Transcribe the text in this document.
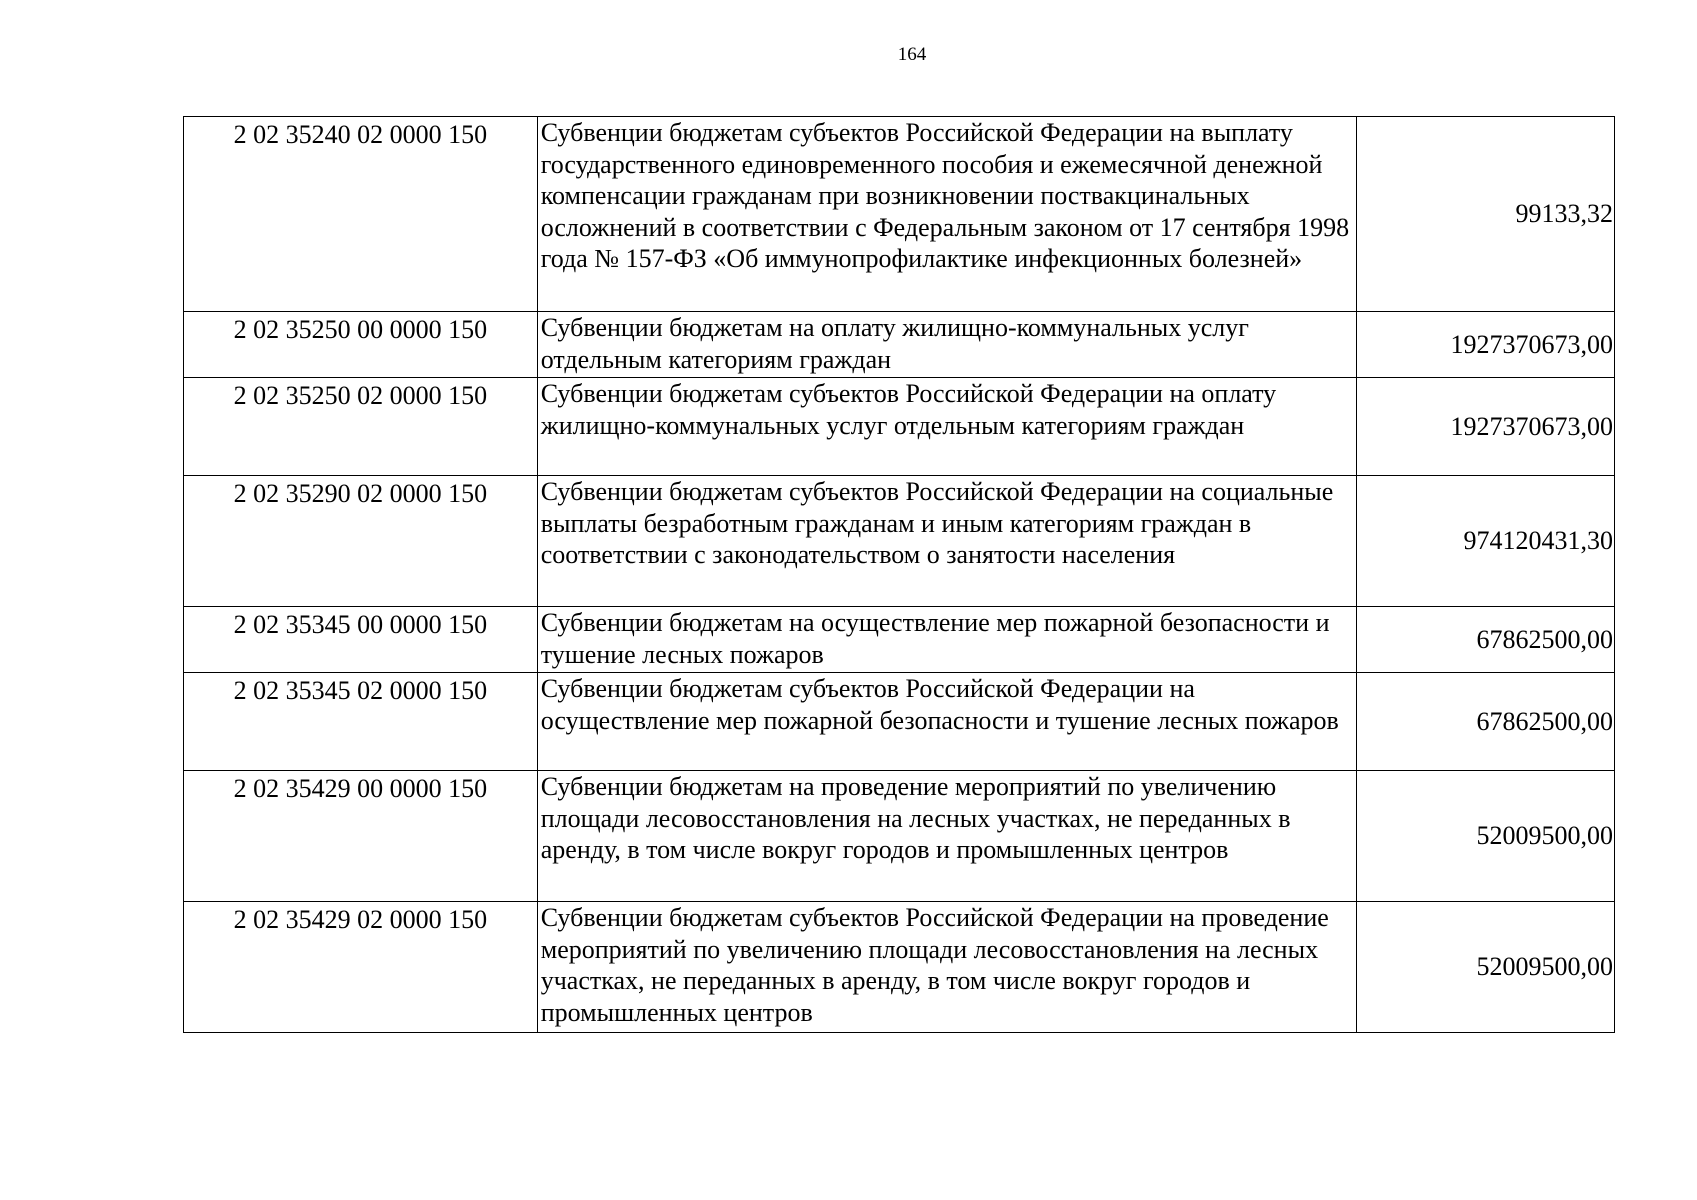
164
2 02 35240 02 0000 150	Субвенции бюджетам субъектов Российской Федерации на выплату государственного единовременного пособия и ежемесячной денежной компенсации гражданам при возникновении поствакцинальных осложнений в соответствии с Федеральным законом от 17 сентября 1998 года № 157-ФЗ «Об иммунопрофилактике инфекционных болезней»	99133,32
2 02 35250 00 0000 150	Субвенции бюджетам на оплату жилищно-коммунальных услуг отдельным категориям граждан	1927370673,00
2 02 35250 02 0000 150	Субвенции бюджетам субъектов Российской Федерации на оплату жилищно-коммунальных услуг отдельным категориям граждан	1927370673,00
2 02 35290 02 0000 150	Субвенции бюджетам субъектов Российской Федерации на социальные выплаты безработным гражданам и иным категориям граждан в соответствии с законодательством о занятости населения	974120431,30
2 02 35345 00 0000 150	Субвенции бюджетам на осуществление мер пожарной безопасности и тушение лесных пожаров	67862500,00
2 02 35345 02 0000 150	Субвенции бюджетам субъектов Российской Федерации на осуществление мер пожарной безопасности и тушение лесных пожаров	67862500,00
2 02 35429 00 0000 150	Субвенции бюджетам на проведение мероприятий по увеличению площади лесовосстановления на лесных участках, не переданных в аренду, в том числе вокруг городов и промышленных центров	52009500,00
2 02 35429 02 0000 150	Субвенции бюджетам субъектов Российской Федерации на проведение мероприятий по увеличению площади лесовосстановления на лесных участках, не переданных в аренду, в том числе вокруг городов и промышленных центров	52009500,00
